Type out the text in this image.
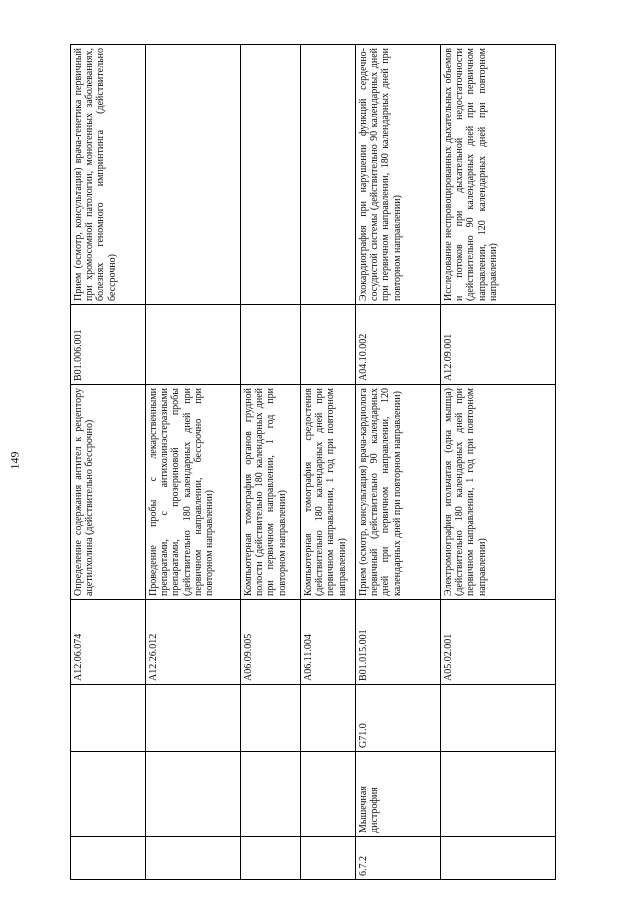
149
			A12.06.074	Определение содержания антител к рецептору ацетилхолина (действительно бессрочно)	B01.006.001	Прием (осмотр, консультация) врача-генетика первичный при хромосомной патологии, моногенных заболеваниях, болезнях геномного импринтинга (действительно бессрочно)
			A12.26.012	Проведение пробы с лекарственными препаратами, с антихолинэстеразными препаратами, прозериновой пробы (действительно 180 календарных дней при первичном направлении, бессрочно при повторном направлении)		
			A06.09.005	Компьютерная томография органов грудной полости (действительно 180 календарных дней при первичном направлении, 1 год при повторном направлении)		
			A06.11.004	Компьютерная томография средостения (действительно 180 календарных дней при первичном направлении, 1 год при повторном направлении)		
6.7.2	Мышечная дистрофия	G71.0	B01.015.001	Прием (осмотр, консультация) врача-кардиолога первичный (действительно 90 календарных дней при первичном направлении, 120 календарных дней при повторном направлении)	A04.10.002	Эхокардиография при нарушении функций сердечно-сосудистой системы (действительно 90 календарных дней при первичном направлении, 180 календарных дней при повторном направлении)
			A05.02.001	Электромиография игольчатая (одна мышца) (действительно 180 календарных дней при первичном направлении, 1 год при повторном направлении)	A12.09.001	Исследование неспровоцированных дыхательных объемов и потоков при дыхательной недостаточности (действительно 90 календарных дней при первичном направлении, 120 календарных дней при повторном направлении)
